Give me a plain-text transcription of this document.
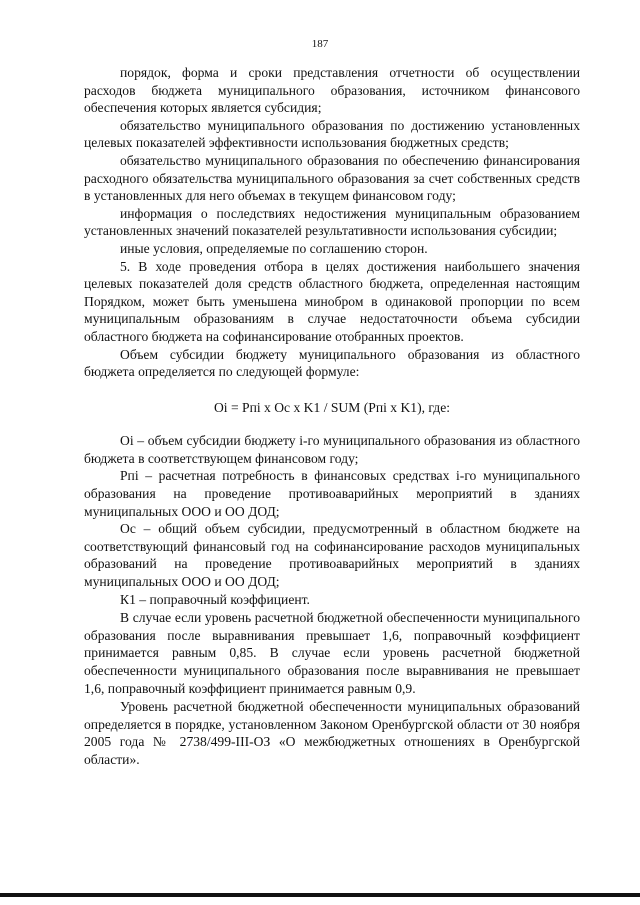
187

порядок, форма и сроки представления отчетности об осуществлении расходов бюджета муниципального образования, источником финансового обеспечения которых является субсидия;

обязательство муниципального образования по достижению установленных целевых показателей эффективности использования бюджетных средств;

обязательство муниципального образования по обеспечению финансирования расходного обязательства муниципального образования за счет собственных средств в установленных для него объемах в текущем финансовом году;

информация о последствиях недостижения муниципальным образованием установленных значений показателей результативности использования субсидии;

иные условия, определяемые по соглашению сторон.

5. В ходе проведения отбора в целях достижения наибольшего значения целевых показателей доля средств областного бюджета, определенная настоящим Порядком, может быть уменьшена минобром в одинаковой пропорции по всем муниципальным образованиям в случае недостаточности объема субсидии областного бюджета на софинансирование отобранных проектов.

Объем субсидии бюджету муниципального образования из областного бюджета определяется по следующей формуле:

Oi = Рпi х Oc х K1 / SUM (Рпi х K1), где:

Oi – объем субсидии бюджету i-го муниципального образования из областного бюджета в соответствующем финансовом году;

Рпi – расчетная потребность в финансовых средствах i-го муниципального образования на проведение противоаварийных мероприятий в зданиях муниципальных ООО и ОО ДОД;

Ос – общий объем субсидии, предусмотренный в областном бюджете на соответствующий финансовый год на софинансирование расходов муниципальных образований на проведение противоаварийных мероприятий в зданиях муниципальных ООО и ОО ДОД;

К1 – поправочный коэффициент.

В случае если уровень расчетной бюджетной обеспеченности муниципального образования после выравнивания превышает 1,6, поправочный коэффициент принимается равным 0,85. В случае если уровень расчетной бюджетной обеспеченности муниципального образования после выравнивания не превышает 1,6, поправочный коэффициент принимается равным 0,9.

Уровень расчетной бюджетной обеспеченности муниципальных образований определяется в порядке, установленном Законом Оренбургской области от 30 ноября 2005 года № 2738/499-III-ОЗ «О межбюджетных отношениях в Оренбургской области».
